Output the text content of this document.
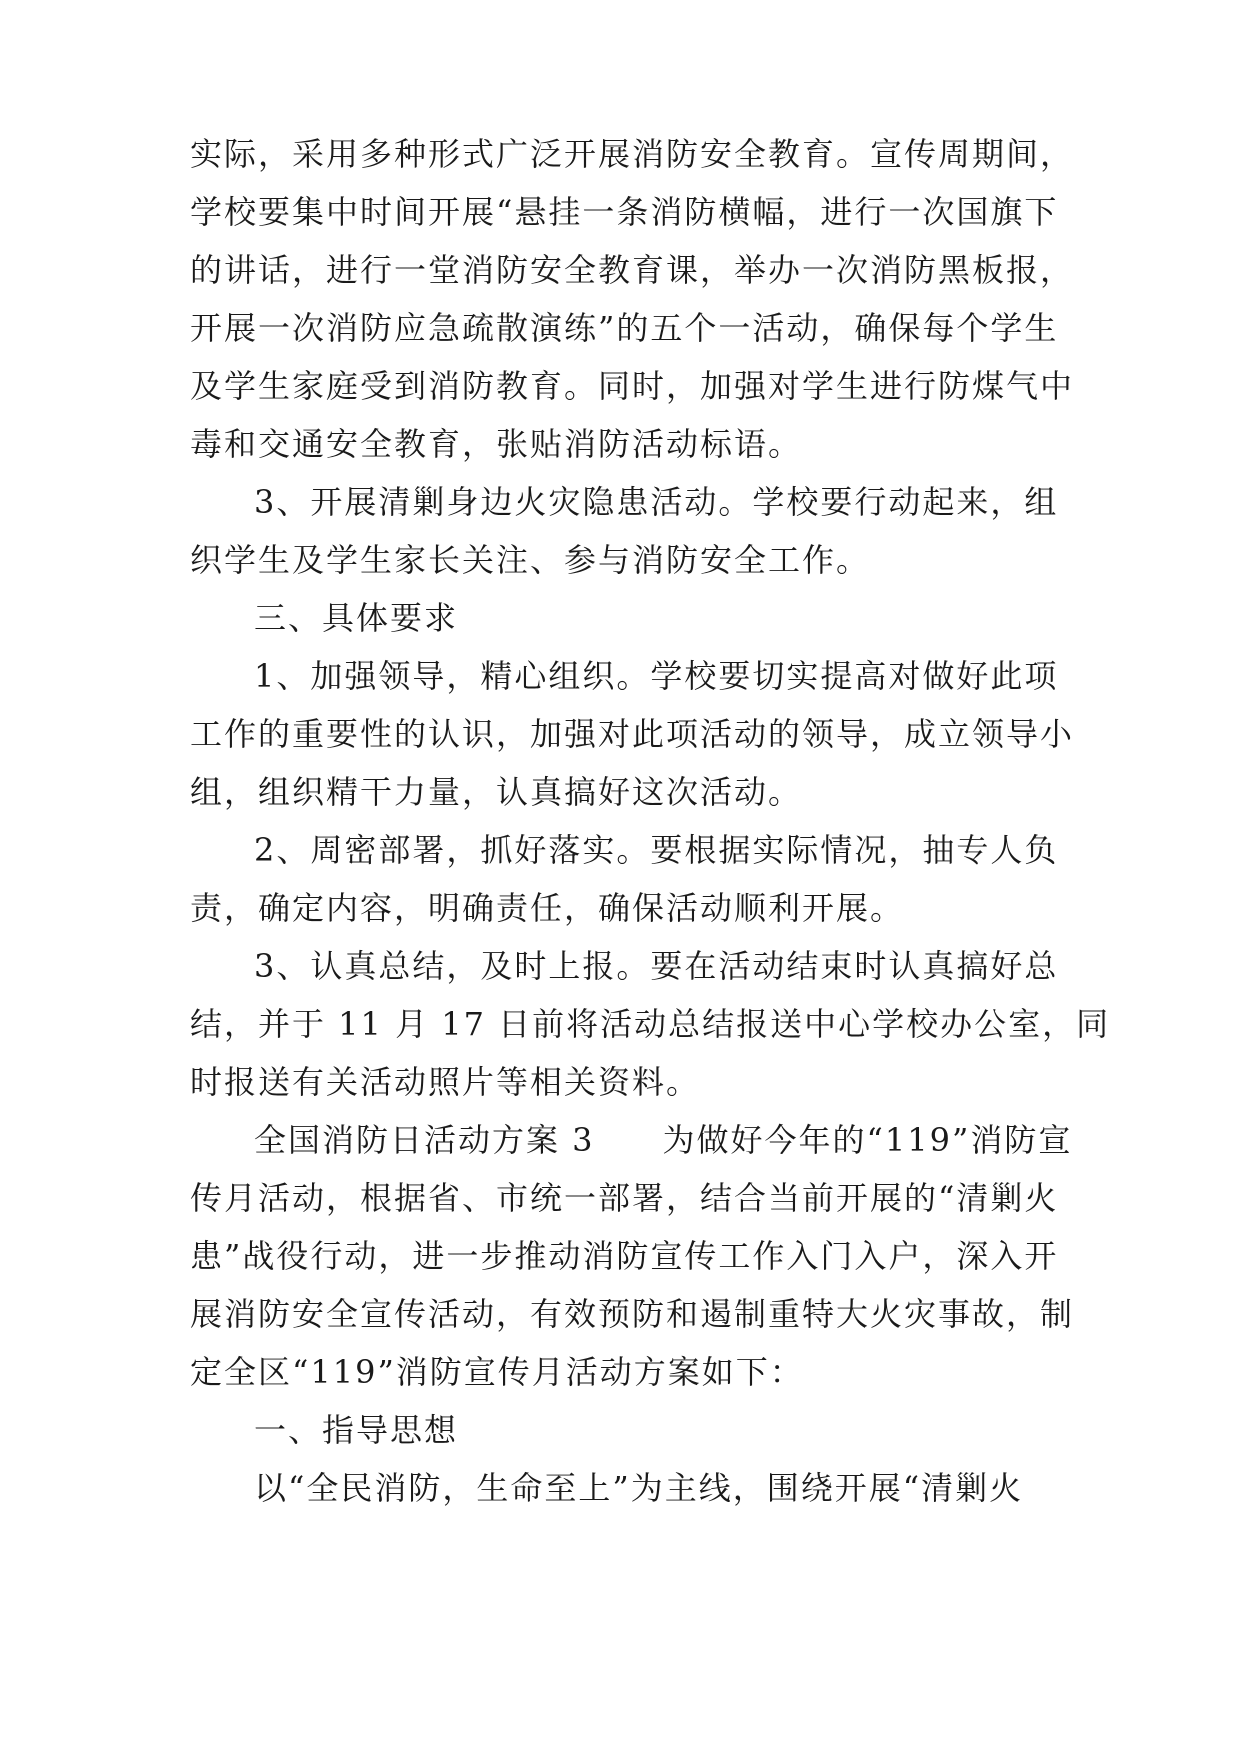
实际，采用多种形式广泛开展消防安全教育。宣传周期间，
学校要集中时间开展“悬挂一条消防横幅，进行一次国旗下
的讲话，进行一堂消防安全教育课，举办一次消防黑板报，
开展一次消防应急疏散演练”的五个一活动，确保每个学生
及学生家庭受到消防教育。同时，加强对学生进行防煤气中
毒和交通安全教育，张贴消防活动标语。
3、开展清剿身边火灾隐患活动。学校要行动起来，组
织学生及学生家长关注、参与消防安全工作。
三、具体要求
1、加强领导，精心组织。学校要切实提高对做好此项
工作的重要性的认识，加强对此项活动的领导，成立领导小
组，组织精干力量，认真搞好这次活动。
2、周密部署，抓好落实。要根据实际情况，抽专人负
责，确定内容，明确责任，确保活动顺利开展。
3、认真总结，及时上报。要在活动结束时认真搞好总
结，并于 11 月 17 日前将活动总结报送中心学校办公室，同
时报送有关活动照片等相关资料。
全国消防日活动方案 3　　为做好今年的“119”消防宣
传月活动，根据省、市统一部署，结合当前开展的“清剿火
患”战役行动，进一步推动消防宣传工作入门入户，深入开
展消防安全宣传活动，有效预防和遏制重特大火灾事故，制
定全区“119”消防宣传月活动方案如下：
一、指导思想
以“全民消防，生命至上”为主线，围绕开展“清剿火
